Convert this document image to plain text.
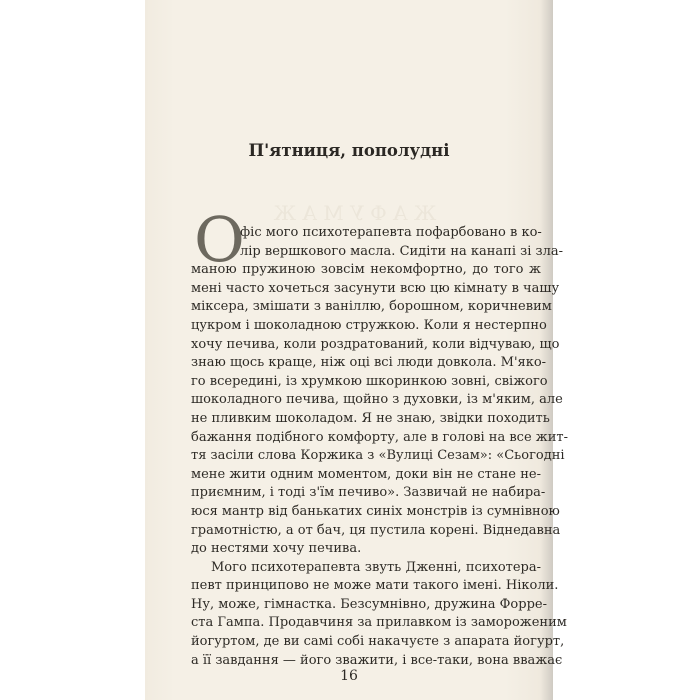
ЖАФУМАЖ
П'ятниця, пополудні
О
фіс мого психотерапевта пофарбовано в ко-
лір вершкового масла. Сидіти на канапі зі зла-
маною пружиною зовсім некомфортно, до того ж
мені часто хочеться засунути всю цю кімнату в чашу
міксера, змішати з ваніллю, борошном, коричневим
цукром і шоколадною стружкою. Коли я нестерпно
хочу печива, коли роздратований, коли відчуваю, що
знаю щось краще, ніж оці всі люди довкола. М'яко-
го всередині, із хрумкою шкоринкою зовні, свіжого
шоколадного печива, щойно з духовки, із м'яким, але
не пливким шоколадом. Я не знаю, звідки походить
бажання подібного комфорту, але в голові на все жит-
тя засіли слова Коржика з «Вулиці Сезам»: «Сьогодні
мене жити одним моментом, доки він не стане не-
приємним, і тоді з'їм печиво». Зазвичай не набира-
юся мантр від банькатих синіх монстрів із сумнівною
грамотністю, а от бач, ця пустила корені. Віднедавна
до нестями хочу печива.
Мого психотерапевта звуть Дженні, психотера-
певт принципово не може мати такого імені. Ніколи.
Ну, може, гімнастка. Безсумнівно, дружина Форре-
ста Гампа. Продавчиня за прилавком із замороженим
йогуртом, де ви самі собі накачуєте з апарата йогурт,
а її завдання — його зважити, і все-таки, вона вважає
16
